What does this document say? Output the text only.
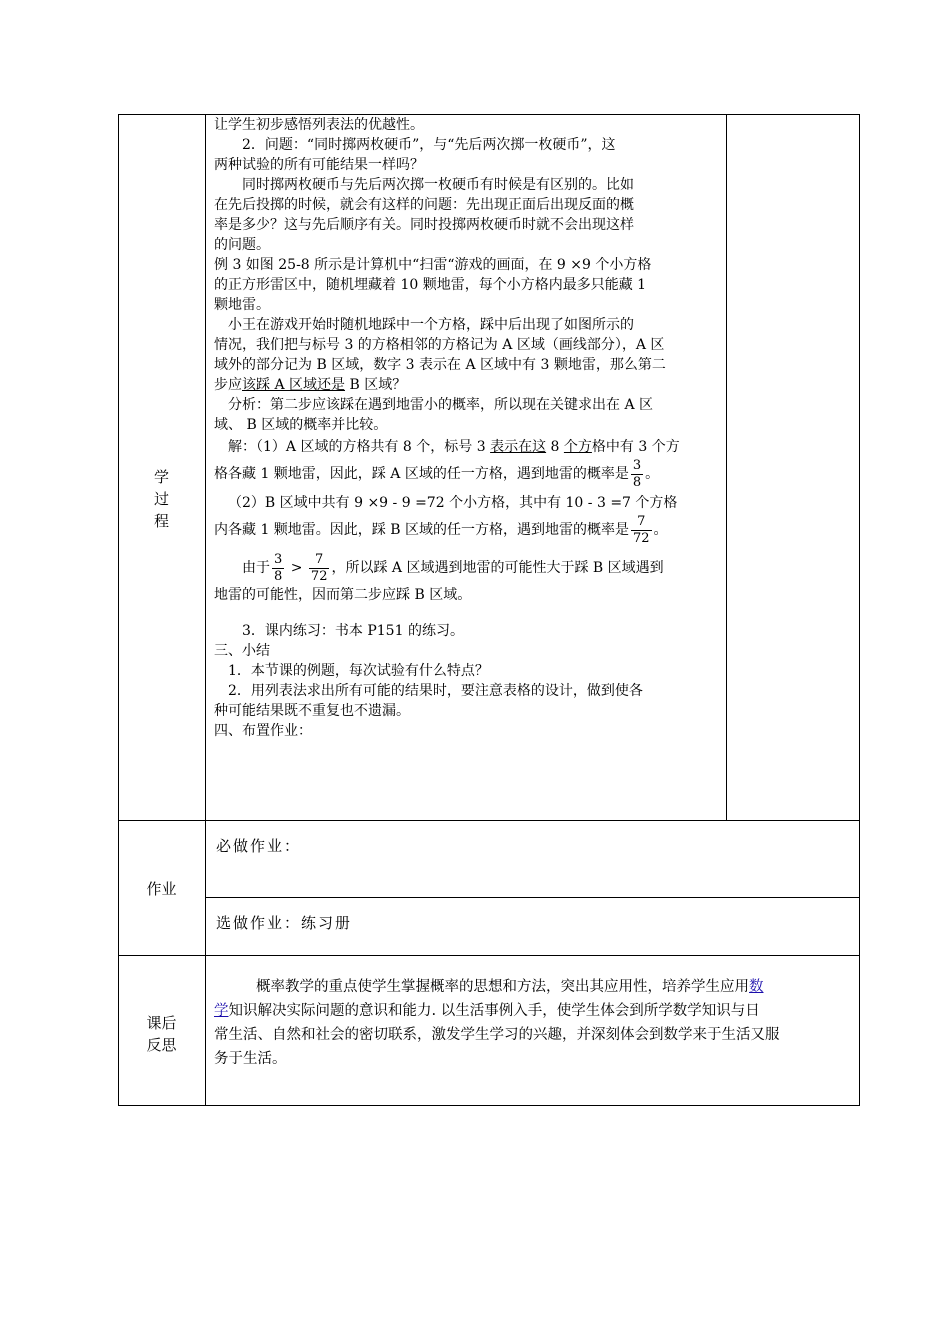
学
过
程
作业
课后
反思

让学生初步感悟列表法的优越性。

2．问题：“同时掷两枚硬币”，与“先后两次掷一枚硬币”，这

两种试验的所有可能结果一样吗？

同时掷两枚硬币与先后两次掷一枚硬币有时候是有区别的。比如

在先后投掷的时候，就会有这样的问题：先出现正面后出现反面的概

率是多少？这与先后顺序有关。同时投掷两枚硬币时就不会出现这样

的问题。

例 3 如图 25-8 所示是计算机中“扫雷“游戏的画面，在 9 ×9 个小方格

的正方形雷区中，随机埋藏着 10 颗地雷，每个小方格内最多只能藏 1

颗地雷。

小王在游戏开始时随机地踩中一个方格，踩中后出现了如图所示的

情况，我们把与标号 3 的方格相邻的方格记为 A 区域（画线部分），A 区

域外的部分记为 B 区域，数字 3 表示在 A 区域中有 3 颗地雷，那么第二

步应该踩 A 区域还是 B 区域？

分析：第二步应该踩在遇到地雷小的概率，所以现在关键求出在 A 区

域、 B 区域的概率并比较。

解：（1）A 区域的方格共有 8 个，标号 3 表示在这 8 个方格中有 3 个方

格各藏 1 颗地雷，因此，踩 A 区域的任一方格，遇到地雷的概率是 $\frac{3}{8}$ 。

（2）B 区域中共有 9 ×9 - 9 =72 个小方格，其中有 10 - 3 =7 个方格

内各藏 1 颗地雷。因此，踩 B 区域的任一方格，遇到地雷的概率是 $\frac{7}{72}$ 。

由于 $\frac{3}{8} > \frac{7}{72}$ ，所以踩 A 区域遇到地雷的可能性大于踩 B 区域遇到

地雷的可能性，因而第二步应踩 B 区域。

3．课内练习：书本 P151 的练习。

三、小结

1．本节课的例题，每次试验有什么特点？

2．用列表法求出所有可能的结果时，要注意表格的设计，做到使各

种可能结果既不重复也不遗漏。

四、布置作业：

必做作业：
选做作业：练习册

概率教学的重点使学生掌握概率的思想和方法，突出其应用性，培养学生应用数

学知识解决实际问题的意识和能力. 以生活事例入手，使学生体会到所学数学知识与日

常生活、自然和社会的密切联系，激发学生学习的兴趣，并深刻体会到数学来于生活又服

务于生活。
